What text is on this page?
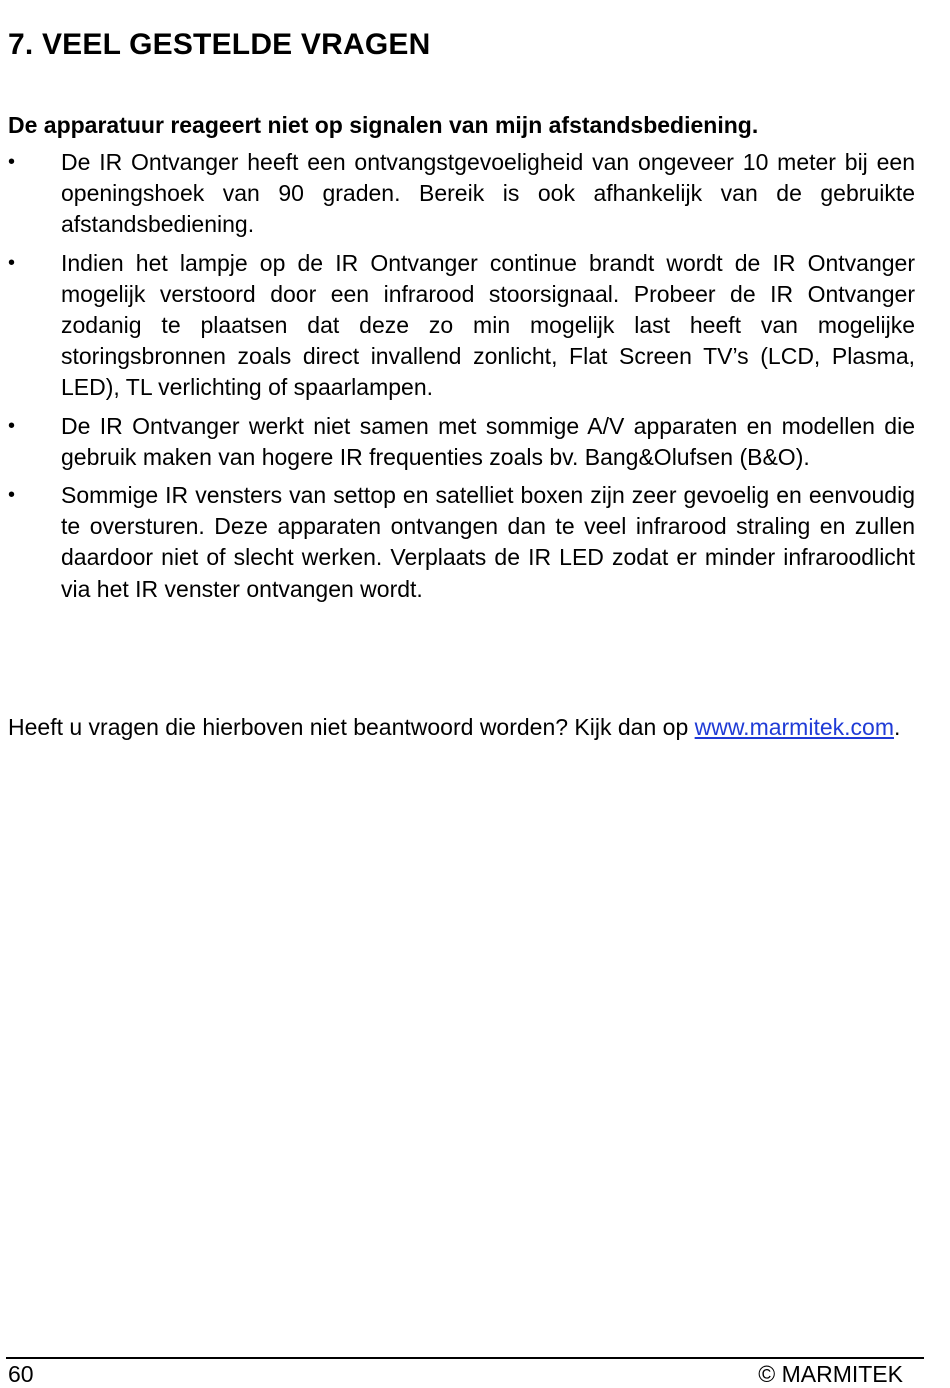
7. VEEL GESTELDE VRAGEN

De apparatuur reageert niet op signalen van mijn afstandsbediening.

• De IR Ontvanger heeft een ontvangstgevoeligheid van ongeveer 10 meter bij een openingshoek van 90 graden. Bereik is ook afhankelijk van de gebruikte afstandsbediening.
• Indien het lampje op de IR Ontvanger continue brandt wordt de IR Ontvanger mogelijk verstoord door een infrarood stoorsignaal. Probeer de IR Ontvanger zodanig te plaatsen dat deze zo min mogelijk last heeft van mogelijke storingsbronnen zoals direct invallend zonlicht, Flat Screen TV’s (LCD, Plasma, LED), TL verlichting of spaarlampen.
• De IR Ontvanger werkt niet samen met sommige A/V apparaten en modellen die gebruik maken van hogere IR frequenties zoals bv. Bang&Olufsen (B&O).
• Sommige IR vensters van settop en satelliet boxen zijn zeer gevoelig en eenvoudig te oversturen. Deze apparaten ontvangen dan te veel infrarood straling en zullen daardoor niet of slecht werken. Verplaats de IR LED zodat er minder infraroodlicht via het IR venster ontvangen wordt.

Heeft u vragen die hierboven niet beantwoord worden? Kijk dan op www.marmitek.com.

60	© MARMITEK
